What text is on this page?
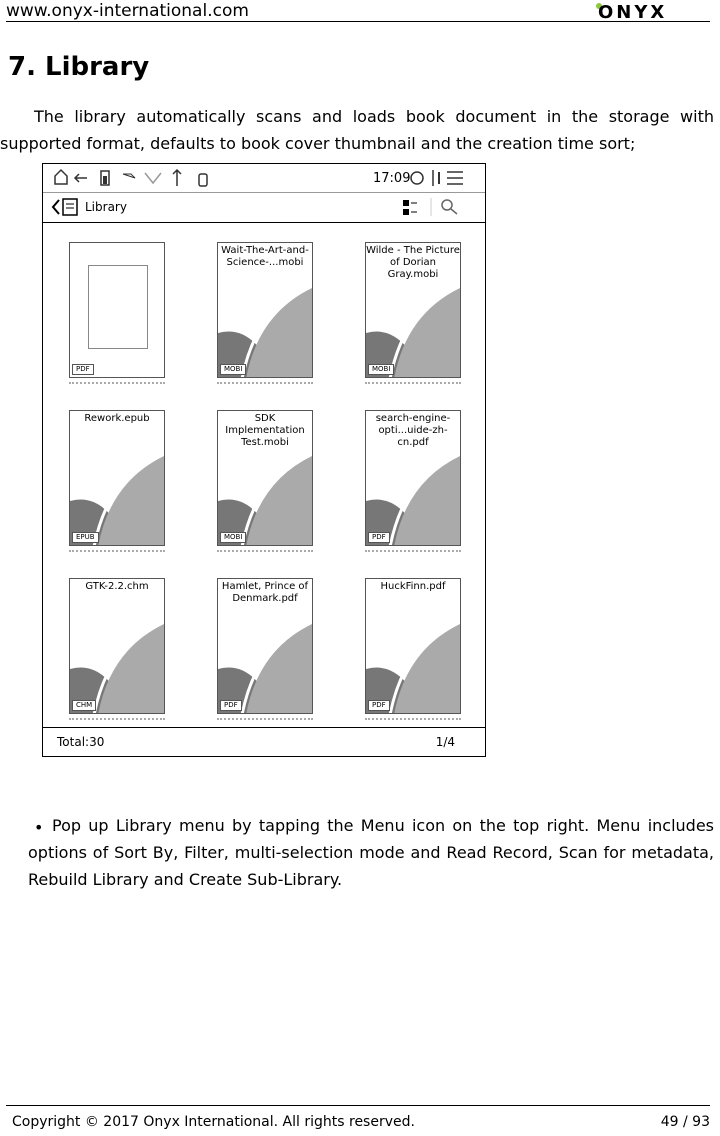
www.onyx-international.com	ONYX
7. Library
The library automatically scans and loads book document in the storage with
supported format, defaults to book cover thumbnail and the creation time sort;
17:09
Library
PDF
Wait-The-Art-and-Science-...mobi
MOBI
Wilde - The Picture of Dorian Gray.mobi
MOBI
Rework.epub
EPUB
SDK Implementation Test.mobi
MOBI
search-engine-opti...uide-zh-cn.pdf
PDF
GTK-2.2.chm
CHM
Hamlet, Prince of Denmark.pdf
PDF
HuckFinn.pdf
PDF
Total:30	1/4
• Pop up Library menu by tapping the Menu icon on the top right. Menu includes
options of Sort By, Filter, multi-selection mode and Read Record, Scan for metadata,
Rebuild Library and Create Sub-Library.
Copyright © 2017 Onyx International. All rights reserved.	49 / 93
